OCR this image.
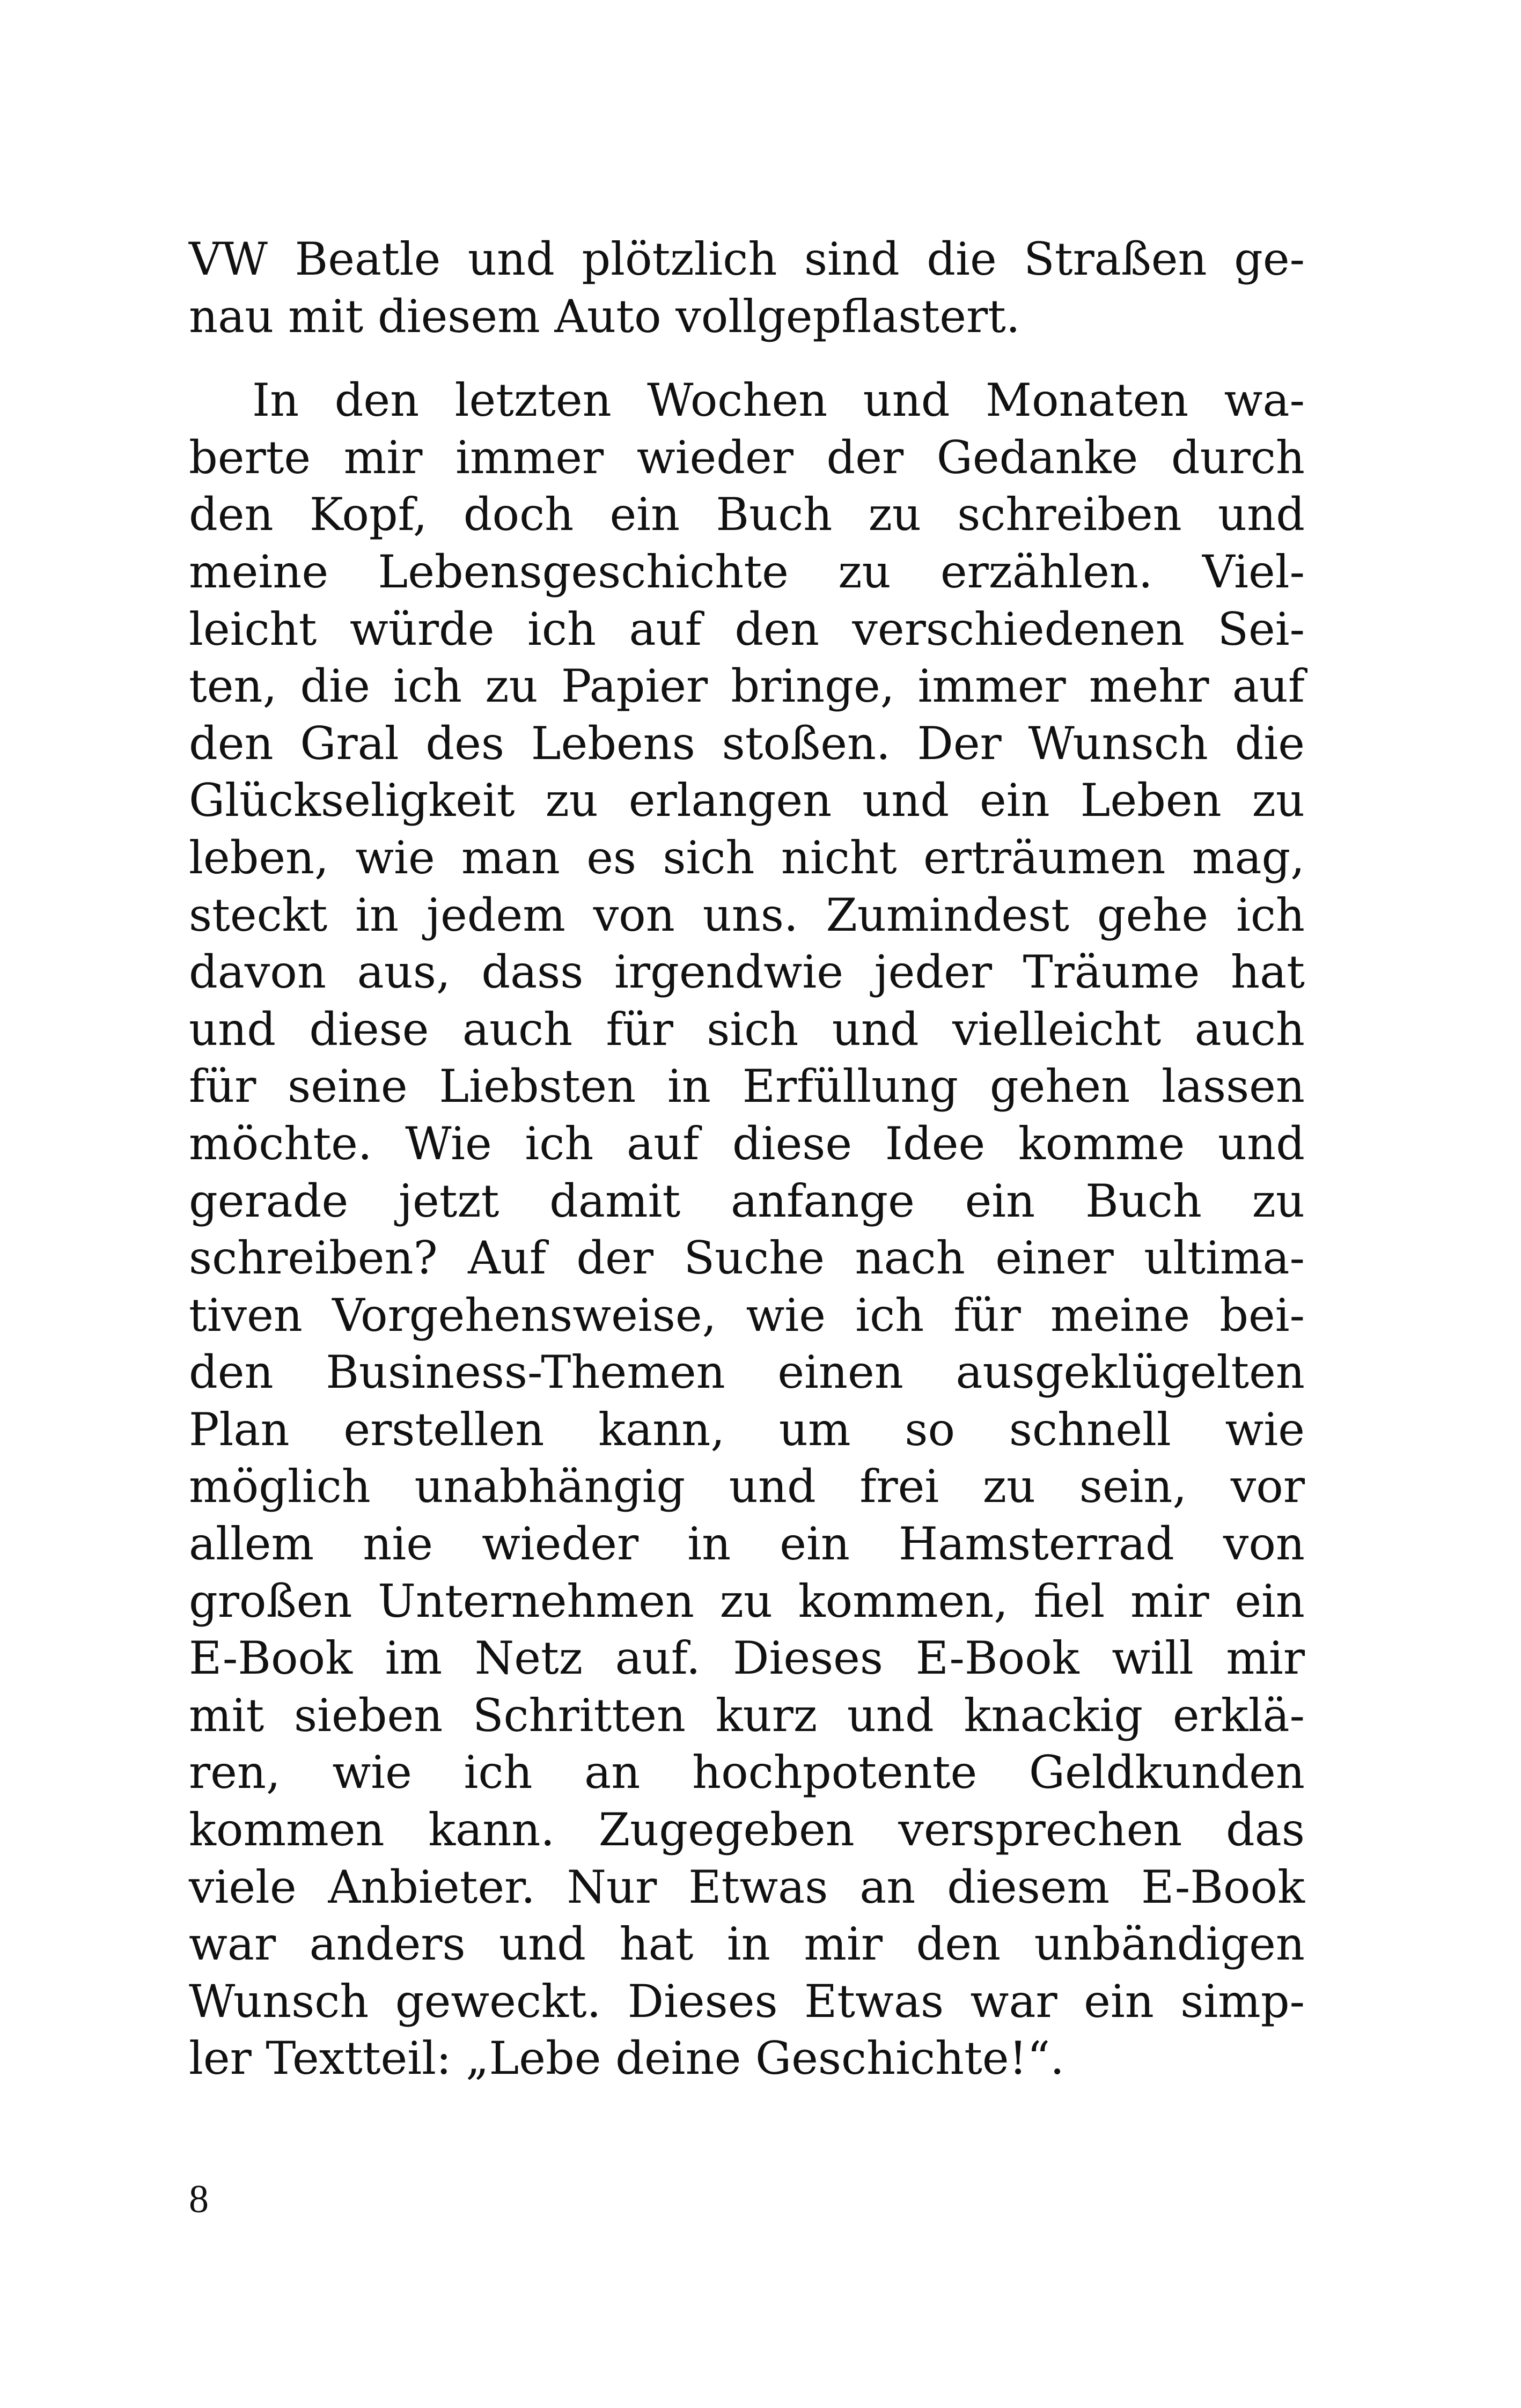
VW Beatle und plötzlich sind die Straßen ge-
nau mit diesem Auto vollgepflastert.

In den letzten Wochen und Monaten wa-
berte mir immer wieder der Gedanke durch
den Kopf, doch ein Buch zu schreiben und
meine Lebensgeschichte zu erzählen. Viel-
leicht würde ich auf den verschiedenen Sei-
ten, die ich zu Papier bringe, immer mehr auf
den Gral des Lebens stoßen. Der Wunsch die
Glückseligkeit zu erlangen und ein Leben zu
leben, wie man es sich nicht erträumen mag,
steckt in jedem von uns. Zumindest gehe ich
davon aus, dass irgendwie jeder Träume hat
und diese auch für sich und vielleicht auch
für seine Liebsten in Erfüllung gehen lassen
möchte. Wie ich auf diese Idee komme und
gerade jetzt damit anfange ein Buch zu
schreiben? Auf der Suche nach einer ultima-
tiven Vorgehensweise, wie ich für meine bei-
den Business-Themen einen ausgeklügelten
Plan erstellen kann, um so schnell wie
möglich unabhängig und frei zu sein, vor
allem nie wieder in ein Hamsterrad von
großen Unternehmen zu kommen, fiel mir ein
E-Book im Netz auf. Dieses E-Book will mir
mit sieben Schritten kurz und knackig erklä-
ren, wie ich an hochpotente Geldkunden
kommen kann. Zugegeben versprechen das
viele Anbieter. Nur Etwas an diesem E-Book
war anders und hat in mir den unbändigen
Wunsch geweckt. Dieses Etwas war ein simp-
ler Textteil: „Lebe deine Geschichte!“.

8
